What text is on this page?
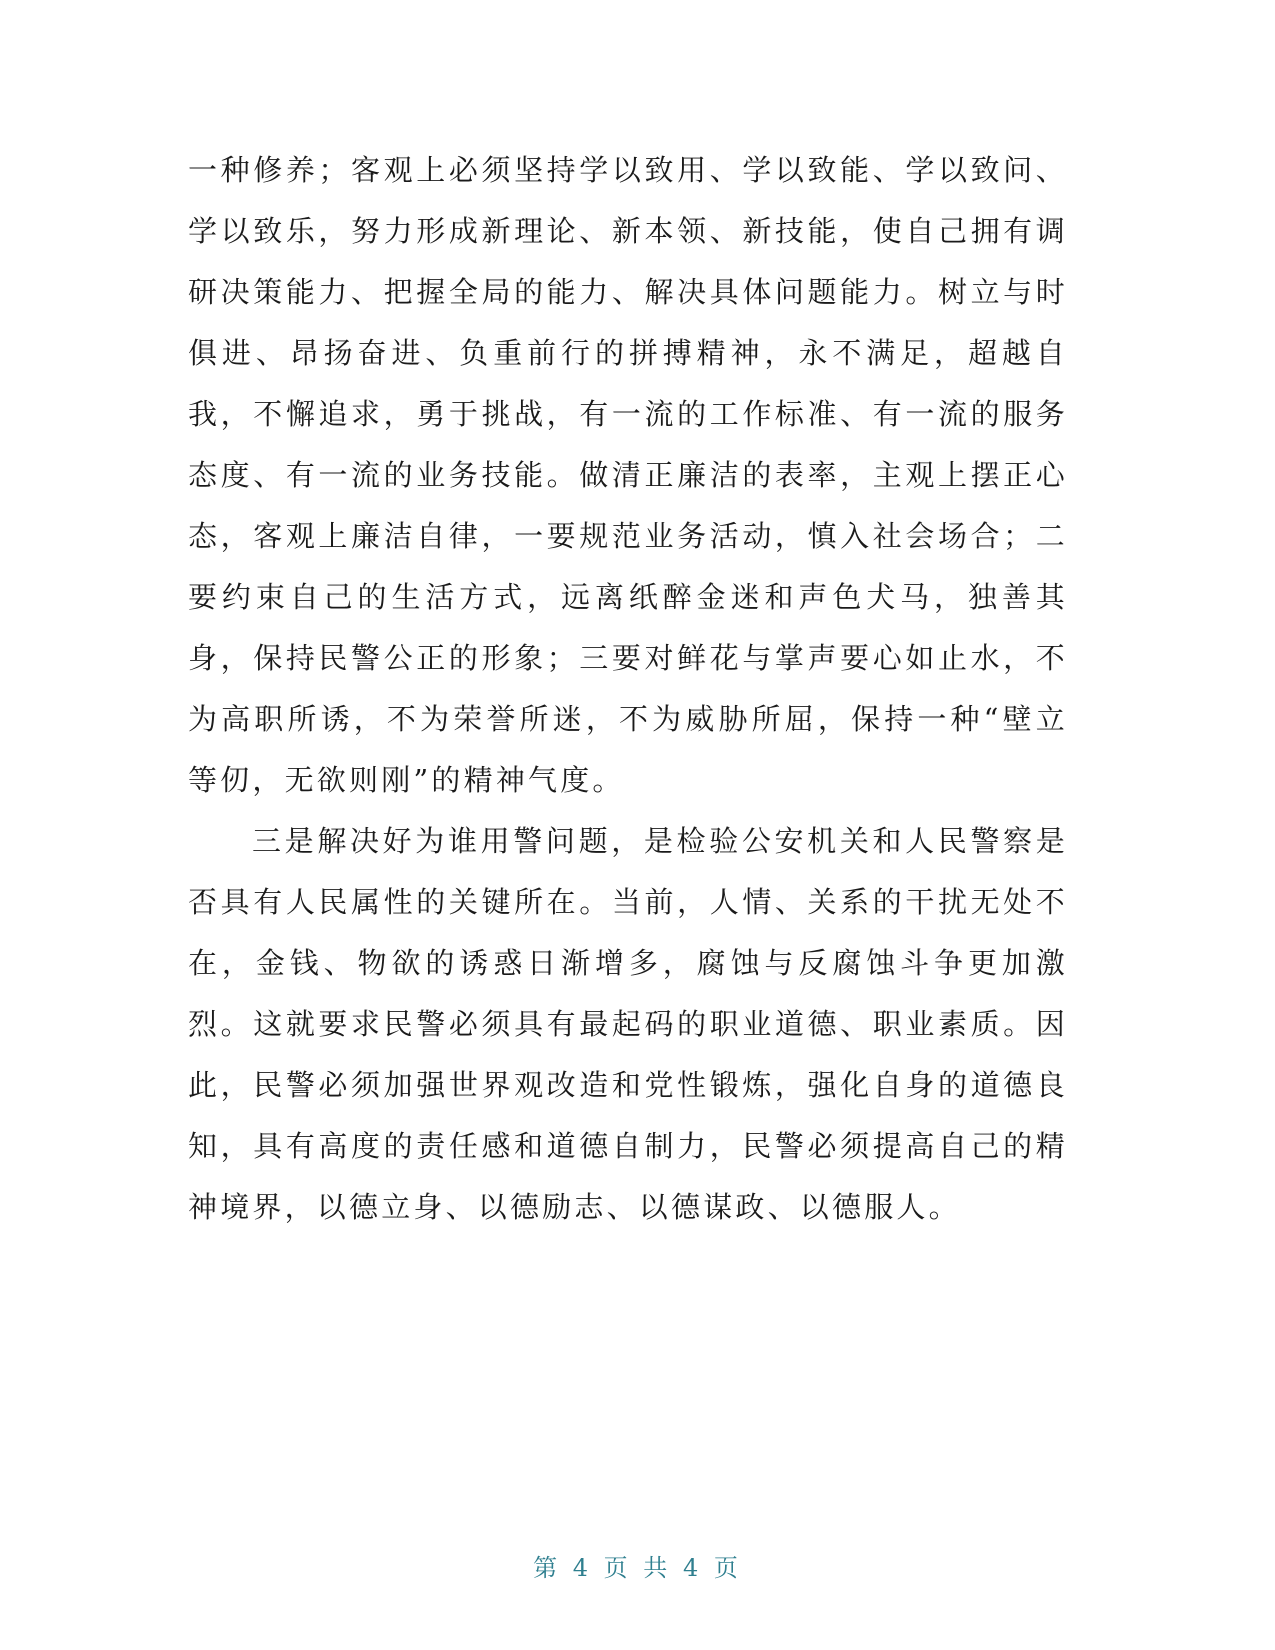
一种修养；客观上必须坚持学以致用、学以致能、学以致问、学以致乐，努力形成新理论、新本领、新技能，使自己拥有调研决策能力、把握全局的能力、解决具体问题能力。树立与时俱进、昂扬奋进、负重前行的拼搏精神，永不满足，超越自我，不懈追求，勇于挑战，有一流的工作标准、有一流的服务态度、有一流的业务技能。做清正廉洁的表率，主观上摆正心态，客观上廉洁自律，一要规范业务活动，慎入社会场合；二要约束自己的生活方式，远离纸醉金迷和声色犬马，独善其身，保持民警公正的形象；三要对鲜花与掌声要心如止水，不为高职所诱，不为荣誉所迷，不为威胁所屈，保持一种“壁立等仞，无欲则刚”的精神气度。

三是解决好为谁用警问题，是检验公安机关和人民警察是否具有人民属性的关键所在。当前，人情、关系的干扰无处不在，金钱、物欲的诱惑日渐增多，腐蚀与反腐蚀斗争更加激烈。这就要求民警必须具有最起码的职业道德、职业素质。因此，民警必须加强世界观改造和党性锻炼，强化自身的道德良知，具有高度的责任感和道德自制力，民警必须提高自己的精神境界，以德立身、以德励志、以德谋政、以德服人。

第 4 页 共 4 页
